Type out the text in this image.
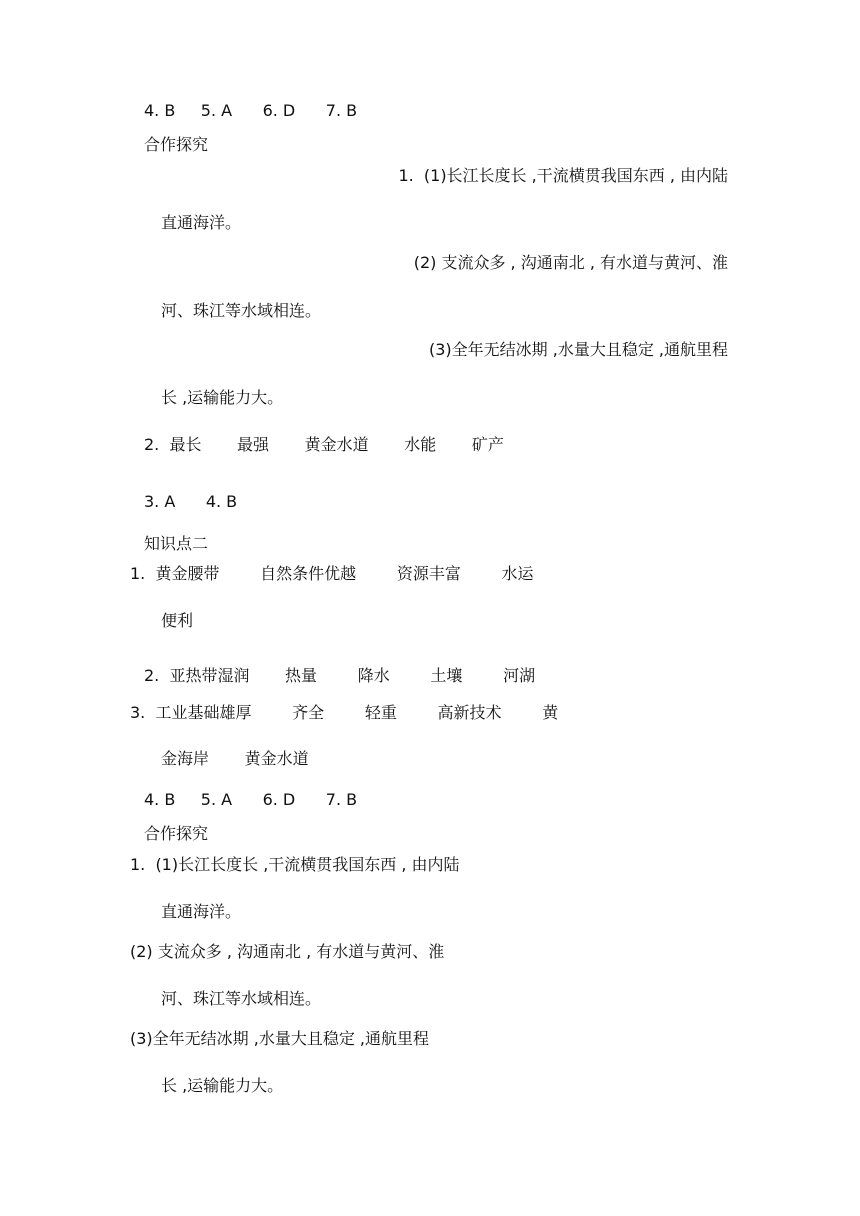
4. B     5. A      6. D      7. B

合作探究

1.  (1)长江长度长 ,干流横贯我国东西 , 由内陆

直通海洋。

(2) 支流众多 , 沟通南北 , 有水道与黄河、淮

河、珠江等水域相连。

(3)全年无结冰期 ,水量大且稳定 ,通航里程

长 ,运输能力大。

2.  最长       最强       黄金水道       水能       矿产

3. A      4. B

知识点二

1.  黄金腰带        自然条件优越        资源丰富        水运

便利

2.  亚热带湿润       热量        降水        土壤        河湖

3.  工业基础雄厚        齐全        轻重        高新技术        黄

金海岸       黄金水道

4. B     5. A      6. D      7. B

合作探究

1.  (1)长江长度长 ,干流横贯我国东西 , 由内陆

直通海洋。

(2) 支流众多 , 沟通南北 , 有水道与黄河、淮

河、珠江等水域相连。

(3)全年无结冰期 ,水量大且稳定 ,通航里程

长 ,运输能力大。
